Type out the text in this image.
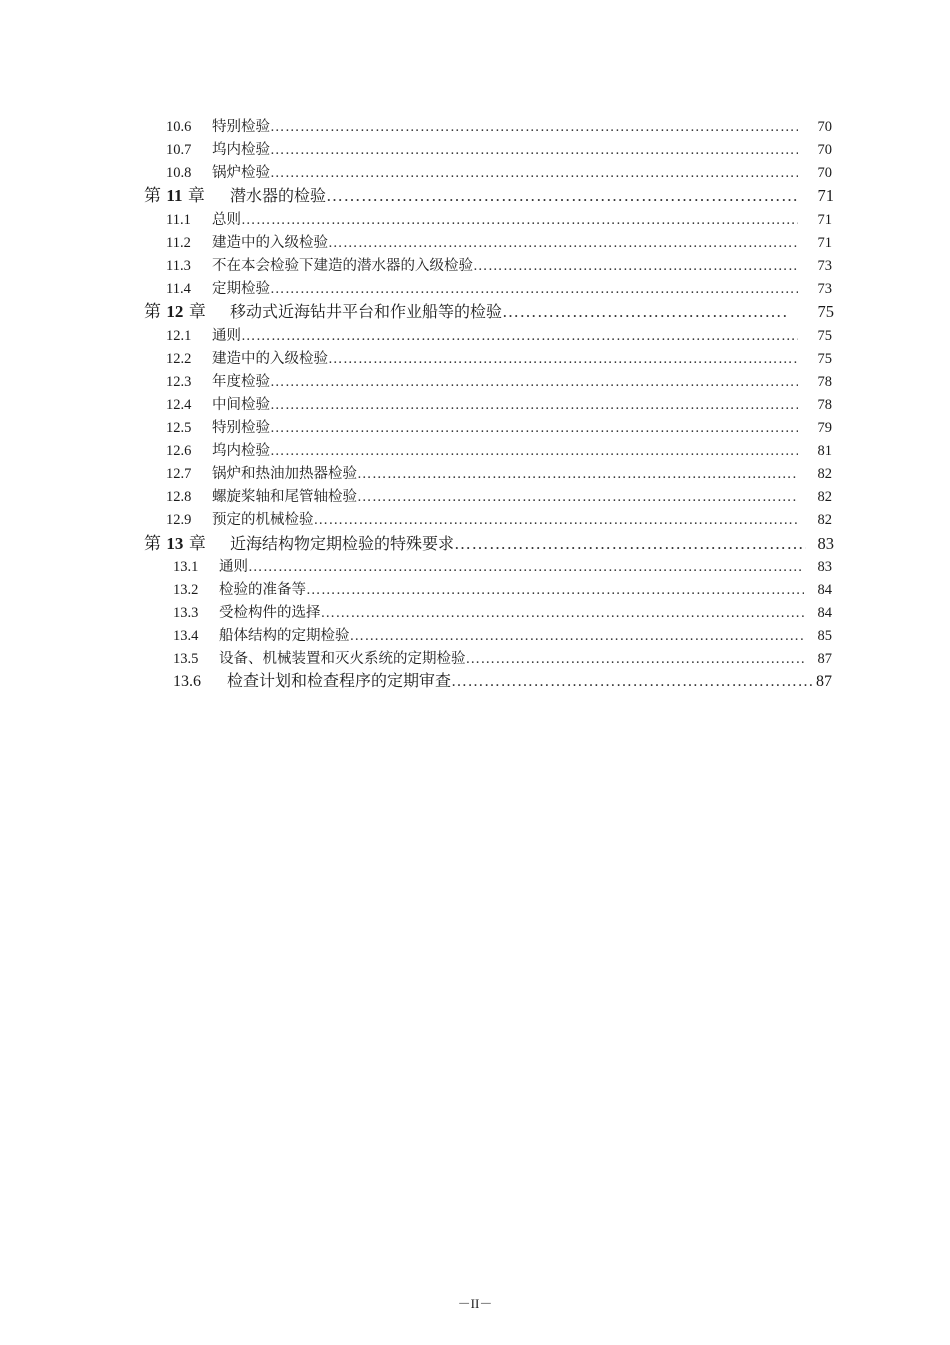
10.6	特别检验 ……………………………………………………………………………………………………………………………………………………………………………………………………………………………………………………	70
10.7	坞内检验 ……………………………………………………………………………………………………………………………………………………………………………………………………………………………………………………	70
10.8	锅炉检验 ……………………………………………………………………………………………………………………………………………………………………………………………………………………………………………………	70
第 11 章	潜水器的检验 ……………………………………………………………………………………………………………………………………………………………………………………………………………………………………………………	71
11.1	总则 ……………………………………………………………………………………………………………………………………………………………………………………………………………………………………………………	71
11.2	建造中的入级检验 ……………………………………………………………………………………………………………………………………………………………………………………………………………………………………………………	71
11.3	不在本会检验下建造的潜水器的入级检验 ……………………………………………………………………………………………………………………………………………………………………………………………………………………………………………………	73
11.4	定期检验 ……………………………………………………………………………………………………………………………………………………………………………………………………………………………………………………	73
第 12 章	移动式近海钻井平台和作业船等的检验 ……………………………………………………………………………………………………………………………………………………………………………………………………………………………………………………	75
12.1	通则 ……………………………………………………………………………………………………………………………………………………………………………………………………………………………………………………	75
12.2	建造中的入级检验 ……………………………………………………………………………………………………………………………………………………………………………………………………………………………………………………	75
12.3	年度检验 ……………………………………………………………………………………………………………………………………………………………………………………………………………………………………………………	78
12.4	中间检验 ……………………………………………………………………………………………………………………………………………………………………………………………………………………………………………………	78
12.5	特别检验 ……………………………………………………………………………………………………………………………………………………………………………………………………………………………………………………	79
12.6	坞内检验 ……………………………………………………………………………………………………………………………………………………………………………………………………………………………………………………	81
12.7	锅炉和热油加热器检验 ……………………………………………………………………………………………………………………………………………………………………………………………………………………………………………………	82
12.8	螺旋桨轴和尾管轴检验 ……………………………………………………………………………………………………………………………………………………………………………………………………………………………………………………	82
12.9	预定的机械检验 ……………………………………………………………………………………………………………………………………………………………………………………………………………………………………………………	82
第 13 章	近海结构物定期检验的特殊要求 ……………………………………………………………………………………………………………………………………………………………………………………………………………………………………………………	83
13.1	通则 ……………………………………………………………………………………………………………………………………………………………………………………………………………………………………………………	83
13.2	检验的准备等 ……………………………………………………………………………………………………………………………………………………………………………………………………………………………………………………	84
13.3	受检构件的选择 ……………………………………………………………………………………………………………………………………………………………………………………………………………………………………………………	84
13.4	船体结构的定期检验 ……………………………………………………………………………………………………………………………………………………………………………………………………………………………………………………	85
13.5	设备、机械装置和灭火系统的定期检验 ……………………………………………………………………………………………………………………………………………………………………………………………………………………………………………………	87
13.6	检查计划和检查程序的定期审查 ……………………………………………………………………………………………………………………………………………………………………………………………………………………………………………………	87
－II－
